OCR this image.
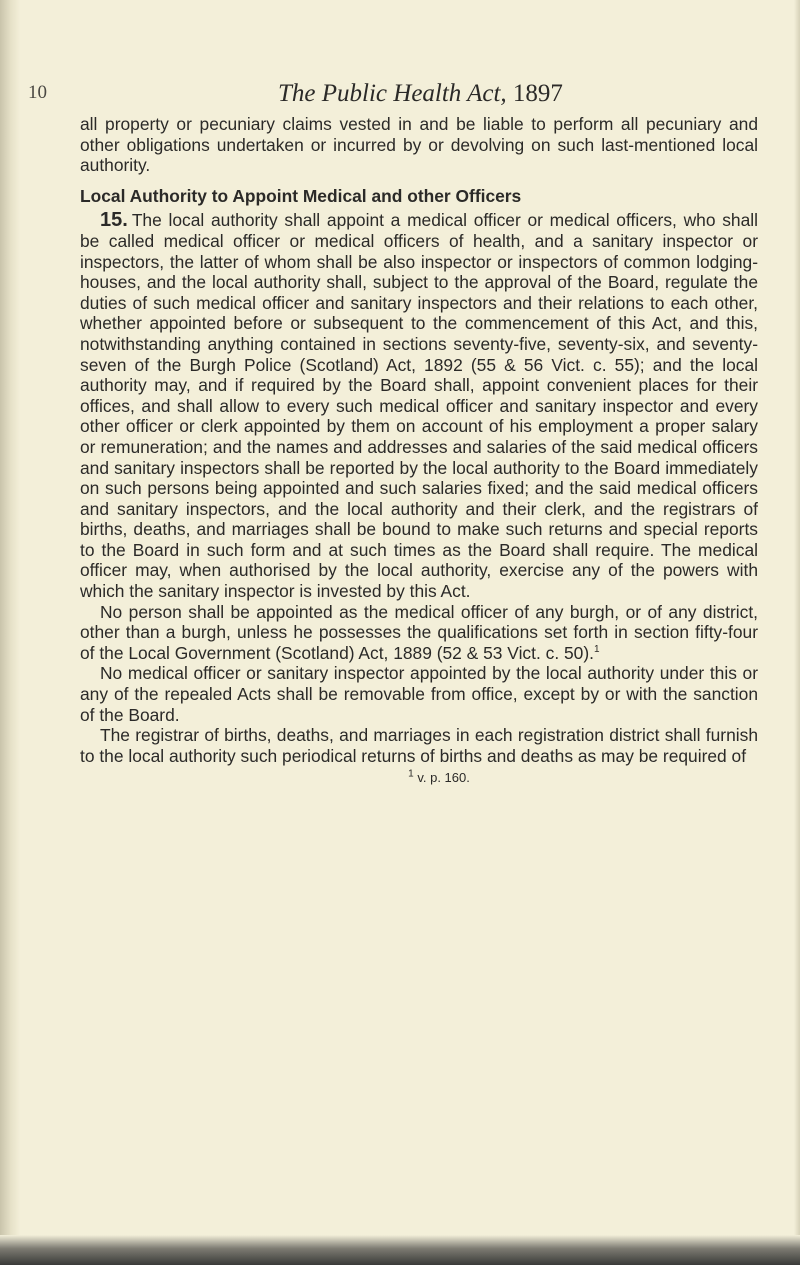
10	The Public Health Act, 1897

all property or pecuniary claims vested in and be liable to perform all pecuniary and other obligations undertaken or incurred by or devolving on such last-mentioned local authority.

Local Authority to Appoint Medical and other Officers

15. The local authority shall appoint a medical officer or medical officers, who shall be called medical officer or medical officers of health, and a sanitary inspector or inspectors, the latter of whom shall be also inspector or inspectors of common lodging-houses, and the local authority shall, subject to the approval of the Board, regulate the duties of such medical officer and sanitary inspectors and their relations to each other, whether appointed before or subsequent to the commencement of this Act, and this, notwithstanding anything contained in sections seventy-five, seventy-six, and seventy-seven of the Burgh Police (Scotland) Act, 1892 (55 & 56 Vict. c. 55); and the local authority may, and if required by the Board shall, appoint convenient places for their offices, and shall allow to every such medical officer and sanitary inspector and every other officer or clerk appointed by them on account of his employment a proper salary or remuneration; and the names and addresses and salaries of the said medical officers and sanitary inspectors shall be reported by the local authority to the Board immediately on such persons being appointed and such salaries fixed; and the said medical officers and sanitary inspectors, and the local authority and their clerk, and the registrars of births, deaths, and marriages shall be bound to make such returns and special reports to the Board in such form and at such times as the Board shall require. The medical officer may, when authorised by the local authority, exercise any of the powers with which the sanitary inspector is invested by this Act.

No person shall be appointed as the medical officer of any burgh, or of any district, other than a burgh, unless he possesses the qualifications set forth in section fifty-four of the Local Government (Scotland) Act, 1889 (52 & 53 Vict. c. 50).$^1$

No medical officer or sanitary inspector appointed by the local authority under this or any of the repealed Acts shall be removable from office, except by or with the sanction of the Board.

The registrar of births, deaths, and marriages in each registration district shall furnish to the local authority such periodical returns of births and deaths as may be required of

$^1$ v. p. 160.
